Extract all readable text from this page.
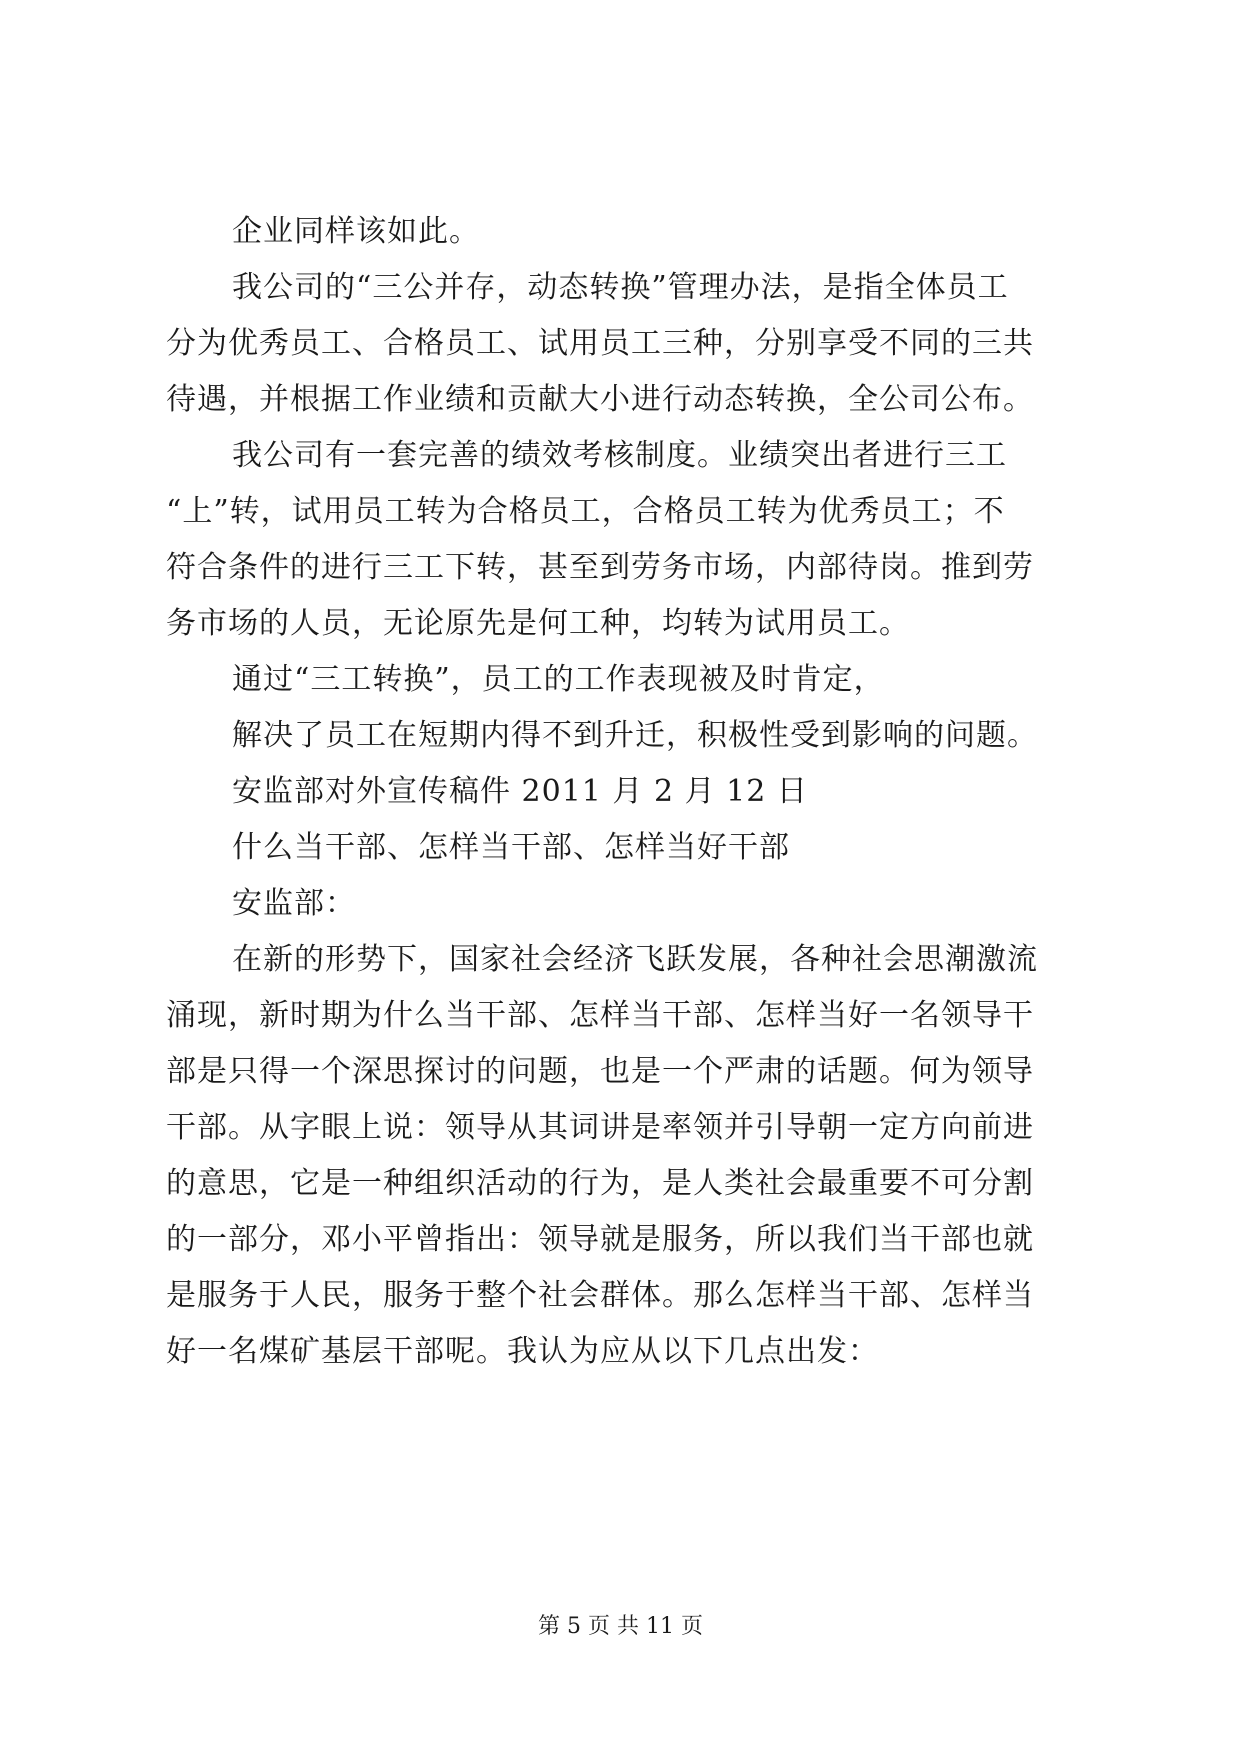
企业同样该如此。
我公司的“三公并存，动态转换”管理办法，是指全体员工
分为优秀员工、合格员工、试用员工三种，分别享受不同的三共
待遇，并根据工作业绩和贡献大小进行动态转换，全公司公布。
我公司有一套完善的绩效考核制度。业绩突出者进行三工
“上”转，试用员工转为合格员工，合格员工转为优秀员工；不
符合条件的进行三工下转，甚至到劳务市场，内部待岗。推到劳
务市场的人员，无论原先是何工种，均转为试用员工。
通过“三工转换”，员工的工作表现被及时肯定，
解决了员工在短期内得不到升迁，积极性受到影响的问题。
安监部对外宣传稿件 2011 月 2 月 12 日
什么当干部、怎样当干部、怎样当好干部
安监部：
在新的形势下，国家社会经济飞跃发展，各种社会思潮激流
涌现，新时期为什么当干部、怎样当干部、怎样当好一名领导干
部是只得一个深思探讨的问题，也是一个严肃的话题。何为领导
干部。从字眼上说：领导从其词讲是率领并引导朝一定方向前进
的意思，它是一种组织活动的行为，是人类社会最重要不可分割
的一部分，邓小平曾指出：领导就是服务，所以我们当干部也就
是服务于人民，服务于整个社会群体。那么怎样当干部、怎样当
好一名煤矿基层干部呢。我认为应从以下几点出发：
第 5 页 共 11 页
